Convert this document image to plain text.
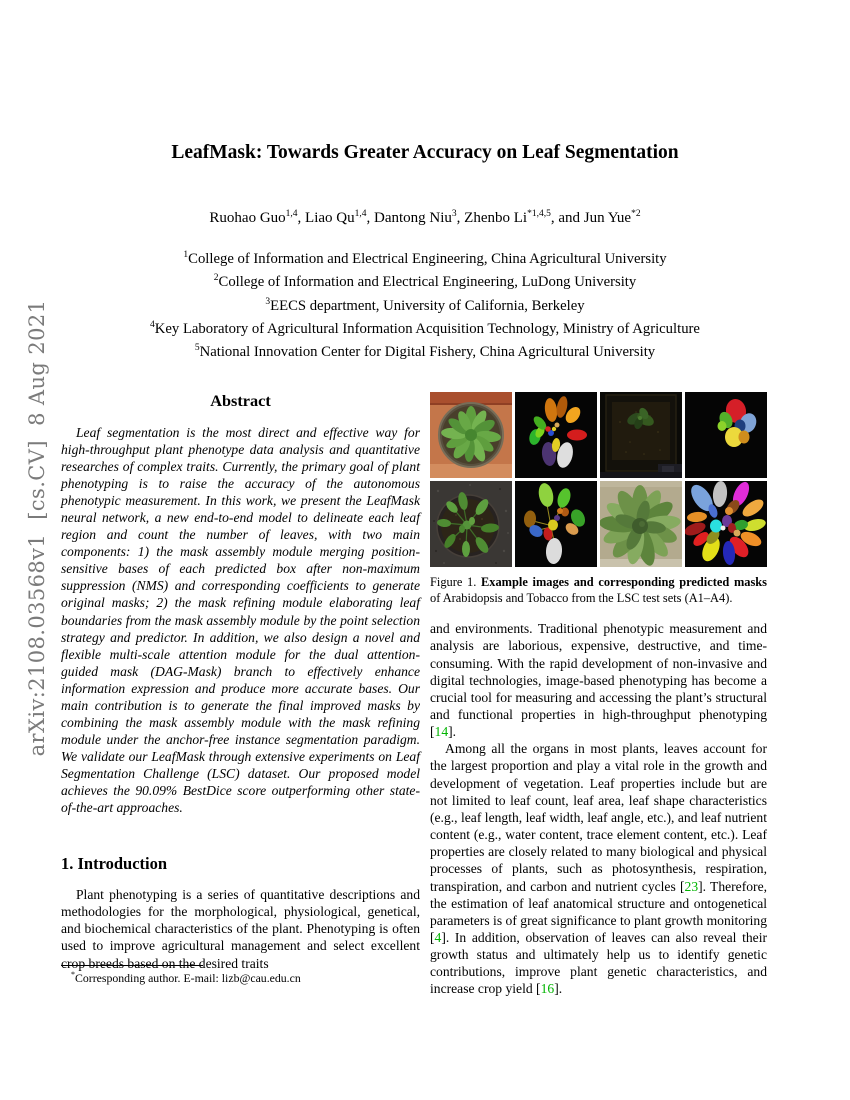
arXiv:2108.03568v1  [cs.CV]  8 Aug 2021
LeafMask: Towards Greater Accuracy on Leaf Segmentation
Ruohao Guo$^{1,4}$, Liao Qu$^{1,4}$, Dantong Niu$^3$, Zhenbo Li$^{*1,4,5}$, and Jun Yue$^{*2}$
$^1$College of Information and Electrical Engineering, China Agricultural University
$^2$College of Information and Electrical Engineering, LuDong University
$^3$EECS department, University of California, Berkeley
$^4$Key Laboratory of Agricultural Information Acquisition Technology, Ministry of Agriculture
$^5$National Innovation Center for Digital Fishery, China Agricultural University
Abstract

Leaf segmentation is the most direct and effective way for high-throughput plant phenotype data analysis and quantitative researches of complex traits. Currently, the primary goal of plant phenotyping is to raise the accuracy of the autonomous phenotypic measurement. In this work, we present the LeafMask neural network, a new end-to-end model to delineate each leaf region and count the number of leaves, with two main components: 1) the mask assembly module merging position-sensitive bases of each predicted box after non-maximum suppression (NMS) and corresponding coefficients to generate original masks; 2) the mask refining module elaborating leaf boundaries from the mask assembly module by the point selection strategy and predictor. In addition, we also design a novel and flexible multi-scale attention module for the dual attention-guided mask (DAG-Mask) branch to effectively enhance information expression and produce more accurate bases. Our main contribution is to generate the final improved masks by combining the mask assembly module with the mask refining module under the anchor-free instance segmentation paradigm. We validate our LeafMask through extensive experiments on Leaf Segmentation Challenge (LSC) dataset. Our proposed model achieves the 90.09% BestDice score outperforming other state-of-the-art approaches.

1. Introduction

Plant phenotyping is a series of quantitative descriptions and methodologies for the morphological, physiological, genetical, and biochemical characteristics of the plant. Phenotyping is often used to improve agricultural management and select excellent crop breeds based on the desired traits

*Corresponding author. E-mail: lizb@cau.edu.cn

Figure 1. Example images and corresponding predicted masks of Arabidopsis and Tobacco from the LSC test sets (A1–A4).

and environments. Traditional phenotypic measurement and analysis are laborious, expensive, destructive, and time-consuming. With the rapid development of non-invasive and digital technologies, image-based phenotyping has become a crucial tool for measuring and accessing the plant’s structural and functional properties in high-throughput phenotyping [14].

Among all the organs in most plants, leaves account for the largest proportion and play a vital role in the growth and development of vegetation. Leaf properties include but are not limited to leaf count, leaf area, leaf shape characteristics (e.g., leaf length, leaf width, leaf angle, etc.), and leaf nutrient content (e.g., water content, trace element content, etc.). Leaf properties are closely related to many biological and physical processes of plants, such as photosynthesis, respiration, transpiration, and carbon and nutrient cycles [23]. Therefore, the estimation of leaf anatomical structure and ontogenetical parameters is of great significance to plant growth monitoring [4]. In addition, observation of leaves can also reveal their growth status and ultimately help us to identify genetic contributions, improve plant genetic characteristics, and increase crop yield [16].
